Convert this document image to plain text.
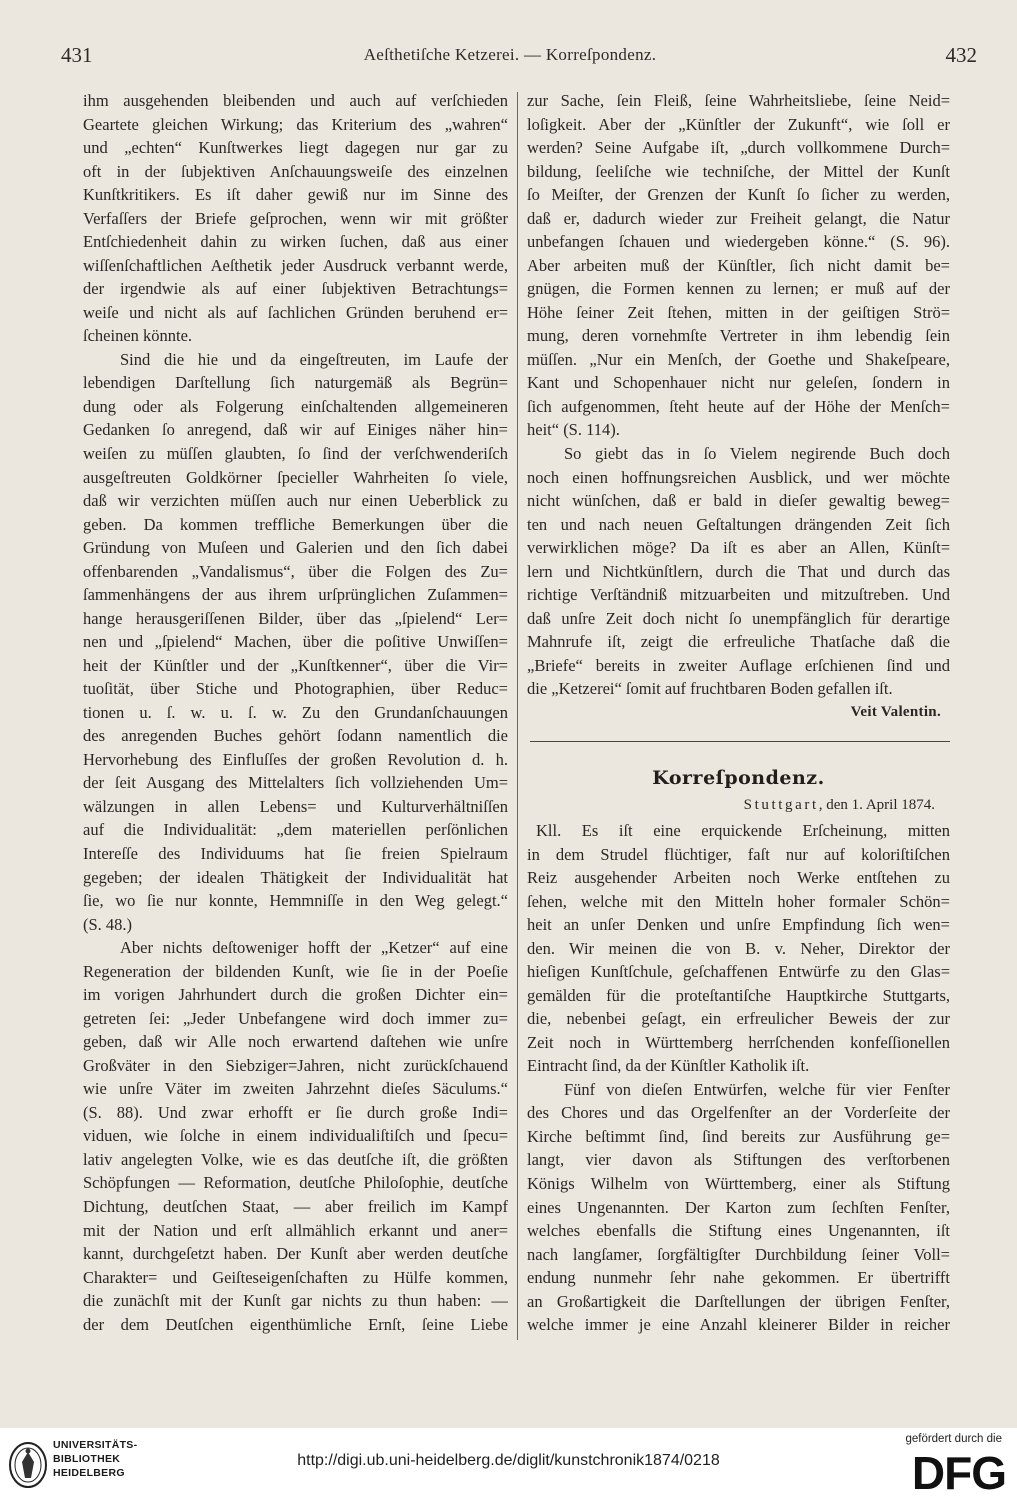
431	Aeſthetiſche Ketzerei. — Korreſpondenz.	432
ihm ausgehenden bleibenden und auch auf verſchieden
Geartete gleichen Wirkung; das Kriterium des „wahren“
und „echten“ Kunſtwerkes liegt dagegen nur gar zu
oft in der ſubjektiven Anſchauungsweiſe des einzelnen
Kunſtkritikers. Es iſt daher gewiß nur im Sinne des
Verfaſſers der Briefe geſprochen, wenn wir mit größter
Entſchiedenheit dahin zu wirken ſuchen, daß aus einer
wiſſenſchaftlichen Aeſthetik jeder Ausdruck verbannt werde,
der irgendwie als auf einer ſubjektiven Betrachtungs=
weiſe und nicht als auf ſachlichen Gründen beruhend er=
ſcheinen könnte.
Sind die hie und da eingeſtreuten, im Laufe der
lebendigen Darſtellung ſich naturgemäß als Begrün=
dung oder als Folgerung einſchaltenden allgemeineren
Gedanken ſo anregend, daß wir auf Einiges näher hin=
weiſen zu müſſen glaubten, ſo ſind der verſchwenderiſch
ausgeſtreuten Goldkörner ſpecieller Wahrheiten ſo viele,
daß wir verzichten müſſen auch nur einen Ueberblick zu
geben. Da kommen treffliche Bemerkungen über die
Gründung von Muſeen und Galerien und den ſich dabei
offenbarenden „Vandalismus“, über die Folgen des Zu=
ſammenhängens der aus ihrem urſprünglichen Zuſammen=
hange herausgeriſſenen Bilder, über das „ſpielend“ Ler=
nen und „ſpielend“ Machen, über die poſitive Unwiſſen=
heit der Künſtler und der „Kunſtkenner“, über die Vir=
tuoſität, über Stiche und Photographien, über Reduc=
tionen u. ſ. w. u. ſ. w. Zu den Grundanſchauungen
des anregenden Buches gehört ſodann namentlich die
Hervorhebung des Einfluſſes der großen Revolution d. h.
der ſeit Ausgang des Mittelalters ſich vollziehenden Um=
wälzungen in allen Lebens= und Kulturverhältniſſen
auf die Individualität: „dem materiellen perſönlichen
Intereſſe des Individuums hat ſie freien Spielraum
gegeben; der idealen Thätigkeit der Individualität hat
ſie, wo ſie nur konnte, Hemmniſſe in den Weg gelegt.“
(S. 48.)
Aber nichts deſtoweniger hofft der „Ketzer“ auf eine
Regeneration der bildenden Kunſt, wie ſie in der Poeſie
im vorigen Jahrhundert durch die großen Dichter ein=
getreten ſei: „Jeder Unbefangene wird doch immer zu=
geben, daß wir Alle noch erwartend daſtehen wie unſre
Großväter in den Siebziger=Jahren, nicht zurückſchauend
wie unſre Väter im zweiten Jahrzehnt dieſes Säculums.“
(S. 88). Und zwar erhofft er ſie durch große Indi=
viduen, wie ſolche in einem individualiſtiſch und ſpecu=
lativ angelegten Volke, wie es das deutſche iſt, die größten
Schöpfungen — Reformation, deutſche Philoſophie, deutſche
Dichtung, deutſchen Staat, — aber freilich im Kampf
mit der Nation und erſt allmählich erkannt und aner=
kannt, durchgeſetzt haben. Der Kunſt aber werden deutſche
Charakter= und Geiſteseigenſchaften zu Hülfe kommen,
die zunächſt mit der Kunſt gar nichts zu thun haben: —
der dem Deutſchen eigenthümliche Ernſt, ſeine Liebe
zur Sache, ſein Fleiß, ſeine Wahrheitsliebe, ſeine Neid=
loſigkeit. Aber der „Künſtler der Zukunft“, wie ſoll er
werden? Seine Aufgabe iſt, „durch vollkommene Durch=
bildung, ſeeliſche wie techniſche, der Mittel der Kunſt
ſo Meiſter, der Grenzen der Kunſt ſo ſicher zu werden,
daß er, dadurch wieder zur Freiheit gelangt, die Natur
unbefangen ſchauen und wiedergeben könne.“ (S. 96).
Aber arbeiten muß der Künſtler, ſich nicht damit be=
gnügen, die Formen kennen zu lernen; er muß auf der
Höhe ſeiner Zeit ſtehen, mitten in der geiſtigen Strö=
mung, deren vornehmſte Vertreter in ihm lebendig ſein
müſſen. „Nur ein Menſch, der Goethe und Shakeſpeare,
Kant und Schopenhauer nicht nur geleſen, ſondern in
ſich aufgenommen, ſteht heute auf der Höhe der Menſch=
heit“ (S. 114).
So giebt das in ſo Vielem negirende Buch doch
noch einen hoffnungsreichen Ausblick, und wer möchte
nicht wünſchen, daß er bald in dieſer gewaltig beweg=
ten und nach neuen Geſtaltungen drängenden Zeit ſich
verwirklichen möge? Da iſt es aber an Allen, Künſt=
lern und Nichtkünſtlern, durch die That und durch das
richtige Verſtändniß mitzuarbeiten und mitzuſtreben. Und
daß unſre Zeit doch nicht ſo unempfänglich für derartige
Mahnrufe iſt, zeigt die erfreuliche Thatſache daß die
„Briefe“ bereits in zweiter Auflage erſchienen ſind und
die „Ketzerei“ ſomit auf fruchtbaren Boden gefallen iſt.
Veit Valentin.
Korreſpondenz.
Stuttgart, den 1. April 1874.
Kll. Es iſt eine erquickende Erſcheinung, mitten
in dem Strudel flüchtiger, faſt nur auf koloriſtiſchen
Reiz ausgehender Arbeiten noch Werke entſtehen zu
ſehen, welche mit den Mitteln hoher formaler Schön=
heit an unſer Denken und unſre Empfindung ſich wen=
den. Wir meinen die von B. v. Neher, Direktor der
hieſigen Kunſtſchule, geſchaffenen Entwürfe zu den Glas=
gemälden für die proteſtantiſche Hauptkirche Stuttgarts,
die, nebenbei geſagt, ein erfreulicher Beweis der zur
Zeit noch in Württemberg herrſchenden konfeſſionellen
Eintracht ſind, da der Künſtler Katholik iſt.
Fünf von dieſen Entwürfen, welche für vier Fenſter
des Chores und das Orgelfenſter an der Vorderſeite der
Kirche beſtimmt ſind, ſind bereits zur Ausführung ge=
langt, vier davon als Stiftungen des verſtorbenen
Königs Wilhelm von Württemberg, einer als Stiftung
eines Ungenannten. Der Karton zum ſechſten Fenſter,
welches ebenfalls die Stiftung eines Ungenannten, iſt
nach langſamer, ſorgfältigſter Durchbildung ſeiner Voll=
endung nunmehr ſehr nahe gekommen. Er übertrifft
an Großartigkeit die Darſtellungen der übrigen Fenſter,
welche immer je eine Anzahl kleinerer Bilder in reicher
UNIVERSITÄTS-
BIBLIOTHEK
HEIDELBERG
http://digi.ub.uni-heidelberg.de/diglit/kunstchronik1874/0218
gefördert durch die
DFG
